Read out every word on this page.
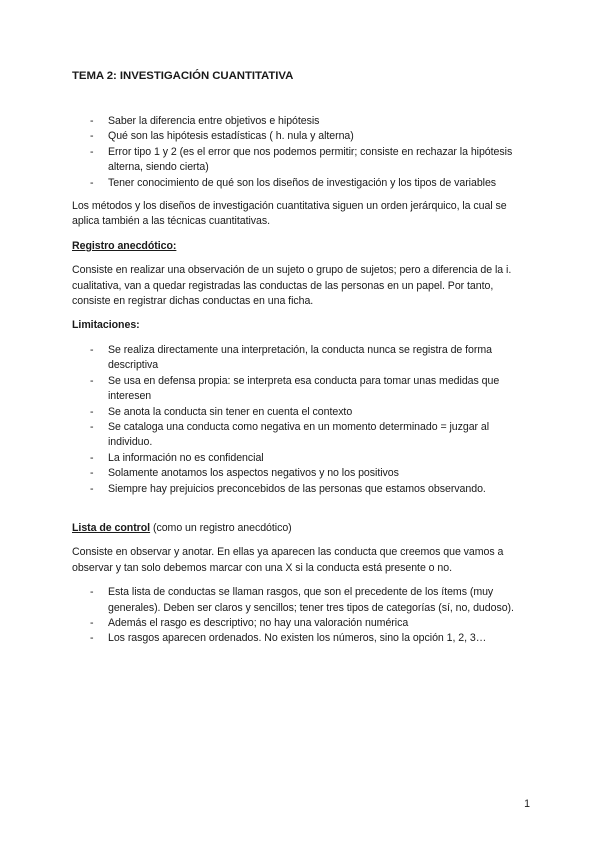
TEMA 2: INVESTIGACIÓN CUANTITATIVA
- Saber la diferencia entre objetivos e hipótesis
- Qué son las hipótesis estadísticas ( h. nula y alterna)
- Error tipo 1 y 2 (es el error que nos podemos permitir; consiste en rechazar la hipótesis alterna, siendo cierta)
- Tener conocimiento de qué son los diseños de investigación y los tipos de variables

Los métodos y los diseños de investigación cuantitativa siguen un orden jerárquico, la cual se aplica también a las técnicas cuantitativas.

Registro anecdótico:

Consiste en realizar una observación de un sujeto o grupo de sujetos; pero a diferencia de la i. cualitativa, van a quedar registradas las conductas de las personas en un papel. Por tanto, consiste en registrar dichas conductas en una ficha.

Limitaciones:

- Se realiza directamente una interpretación, la conducta nunca se registra de forma descriptiva
- Se usa en defensa propia: se interpreta esa conducta para tomar unas medidas que interesen
- Se anota la conducta sin tener en cuenta el contexto
- Se cataloga una conducta como negativa en un momento determinado = juzgar al individuo.
- La información no es confidencial
- Solamente anotamos los aspectos negativos y no los positivos
- Siempre hay prejuicios preconcebidos de las personas que estamos observando.

Lista de control (como un registro anecdótico)

Consiste en observar y anotar. En ellas ya aparecen las conducta que creemos que vamos a observar y tan solo debemos marcar con una X si la conducta está presente o no.

- Esta lista de conductas se llaman rasgos, que son el precedente de los ítems (muy generales). Deben ser claros y sencillos; tener tres tipos de categorías (sí, no, dudoso).
- Además el rasgo es descriptivo; no hay una valoración numérica
- Los rasgos aparecen ordenados. No existen los números, sino la opción 1, 2, 3…
1
